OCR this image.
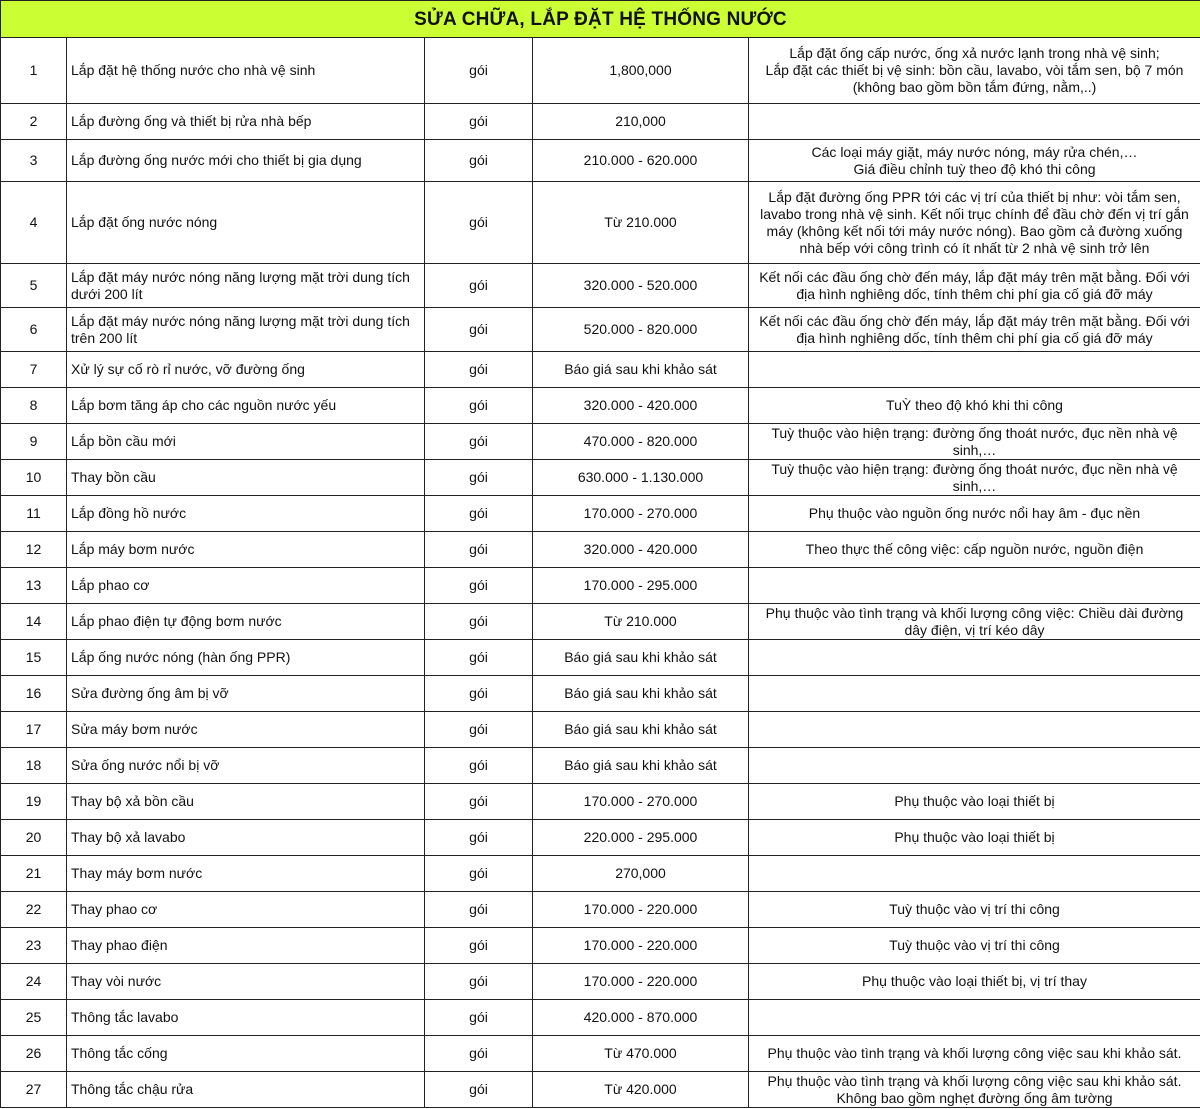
SỬA CHỮA, LẮP ĐẶT HỆ THỐNG NƯỚC				
1	Lắp đặt hệ thống nước cho nhà vệ sinh	gói	1,800,000	Lắp đặt ống cấp nước, ống xả nước lạnh trong nhà vệ sinh;
Lắp đặt các thiết bị vệ sinh: bồn cầu, lavabo, vòi tắm sen, bộ 7 món
(không bao gồm bồn tắm đứng, nằm,..)
2	Lắp đường ống và thiết bị rửa nhà bếp	gói	210,000	
3	Lắp đường ống nước mới cho thiết bị gia dụng	gói	210.000 - 620.000	Các loại máy giặt, máy nước nóng, máy rửa chén,…
Giá điều chỉnh tuỳ theo độ khó thi công
4	Lắp đặt ống nước nóng	gói	Từ 210.000	Lắp đặt đường ống PPR tới các vị trí của thiết bị như: vòi tắm sen, lavabo trong nhà vệ sinh. Kết nối trục chính để đầu chờ đến vị trí gắn máy (không kết nối tới máy nước nóng). Bao gồm cả đường xuống nhà bếp với công trình có ít nhất từ 2 nhà vệ sinh trở lên
5	Lắp đặt máy nước nóng năng lượng mặt trời dung tích dưới 200 lít	gói	320.000 - 520.000	Kết nối các đầu ống chờ đến máy, lắp đặt máy trên mặt bằng. Đối với địa hình nghiêng dốc, tính thêm chi phí gia cố giá đỡ máy
6	Lắp đặt máy nước nóng năng lượng mặt trời dung tích trên 200 lít	gói	520.000 - 820.000	Kết nối các đầu ống chờ đến máy, lắp đặt máy trên mặt bằng. Đối với địa hình nghiêng dốc, tính thêm chi phí gia cố giá đỡ máy
7	Xử lý sự cố rò rỉ nước, vỡ đường ống	gói	Báo giá sau khi khảo sát	
8	Lắp bơm tăng áp cho các nguồn nước yếu	gói	320.000 - 420.000	TuỲ theo độ khó khi thi công
9	Lắp bồn cầu mới	gói	470.000 - 820.000	Tuỳ thuộc vào hiện trạng: đường ống thoát nước, đục nền nhà vệ sinh,…
10	Thay bồn cầu	gói	630.000 - 1.130.000	Tuỳ thuộc vào hiện trạng: đường ống thoát nước, đục nền nhà vệ sinh,…
11	Lắp đồng hồ nước	gói	170.000 - 270.000	Phụ thuộc vào nguồn ống nước nổi hay âm - đục nền
12	Lắp máy bơm nước	gói	320.000 - 420.000	Theo thực thế công việc: cấp nguồn nước, nguồn điện
13	Lắp phao cơ	gói	170.000 - 295.000	
14	Lắp phao điện tự động bơm nước	gói	Từ 210.000	Phụ thuộc vào tình trạng và khối lượng công việc: Chiều dài đường dây điện, vị trí kéo dây
15	Lắp ống nước nóng (hàn ống PPR)	gói	Báo giá sau khi khảo sát	
16	Sửa đường ống âm bị vỡ	gói	Báo giá sau khi khảo sát	
17	Sửa máy bơm nước	gói	Báo giá sau khi khảo sát	
18	Sửa ống nước nổi bị vỡ	gói	Báo giá sau khi khảo sát	
19	Thay bộ xả bồn cầu	gói	170.000 - 270.000	Phụ thuộc vào loại thiết bị
20	Thay bộ xả lavabo	gói	220.000 - 295.000	Phụ thuộc vào loại thiết bị
21	Thay máy bơm nước	gói	270,000	
22	Thay phao cơ	gói	170.000 - 220.000	Tuỳ thuộc vào vị trí thi công
23	Thay phao điện	gói	170.000 - 220.000	Tuỳ thuộc vào vị trí thi công
24	Thay vòi nước	gói	170.000 - 220.000	Phụ thuộc vào loại thiết bị, vị trí thay
25	Thông tắc lavabo	gói	420.000 - 870.000	
26	Thông tắc cống	gói	Từ 470.000	Phụ thuộc vào tình trạng và khối lượng công việc sau khi khảo sát.
27	Thông tắc chậu rửa	gói	Từ 420.000	Phụ thuộc vào tình trạng và khối lượng công việc sau khi khảo sát.
Không bao gồm nghẹt đường ống âm tường
